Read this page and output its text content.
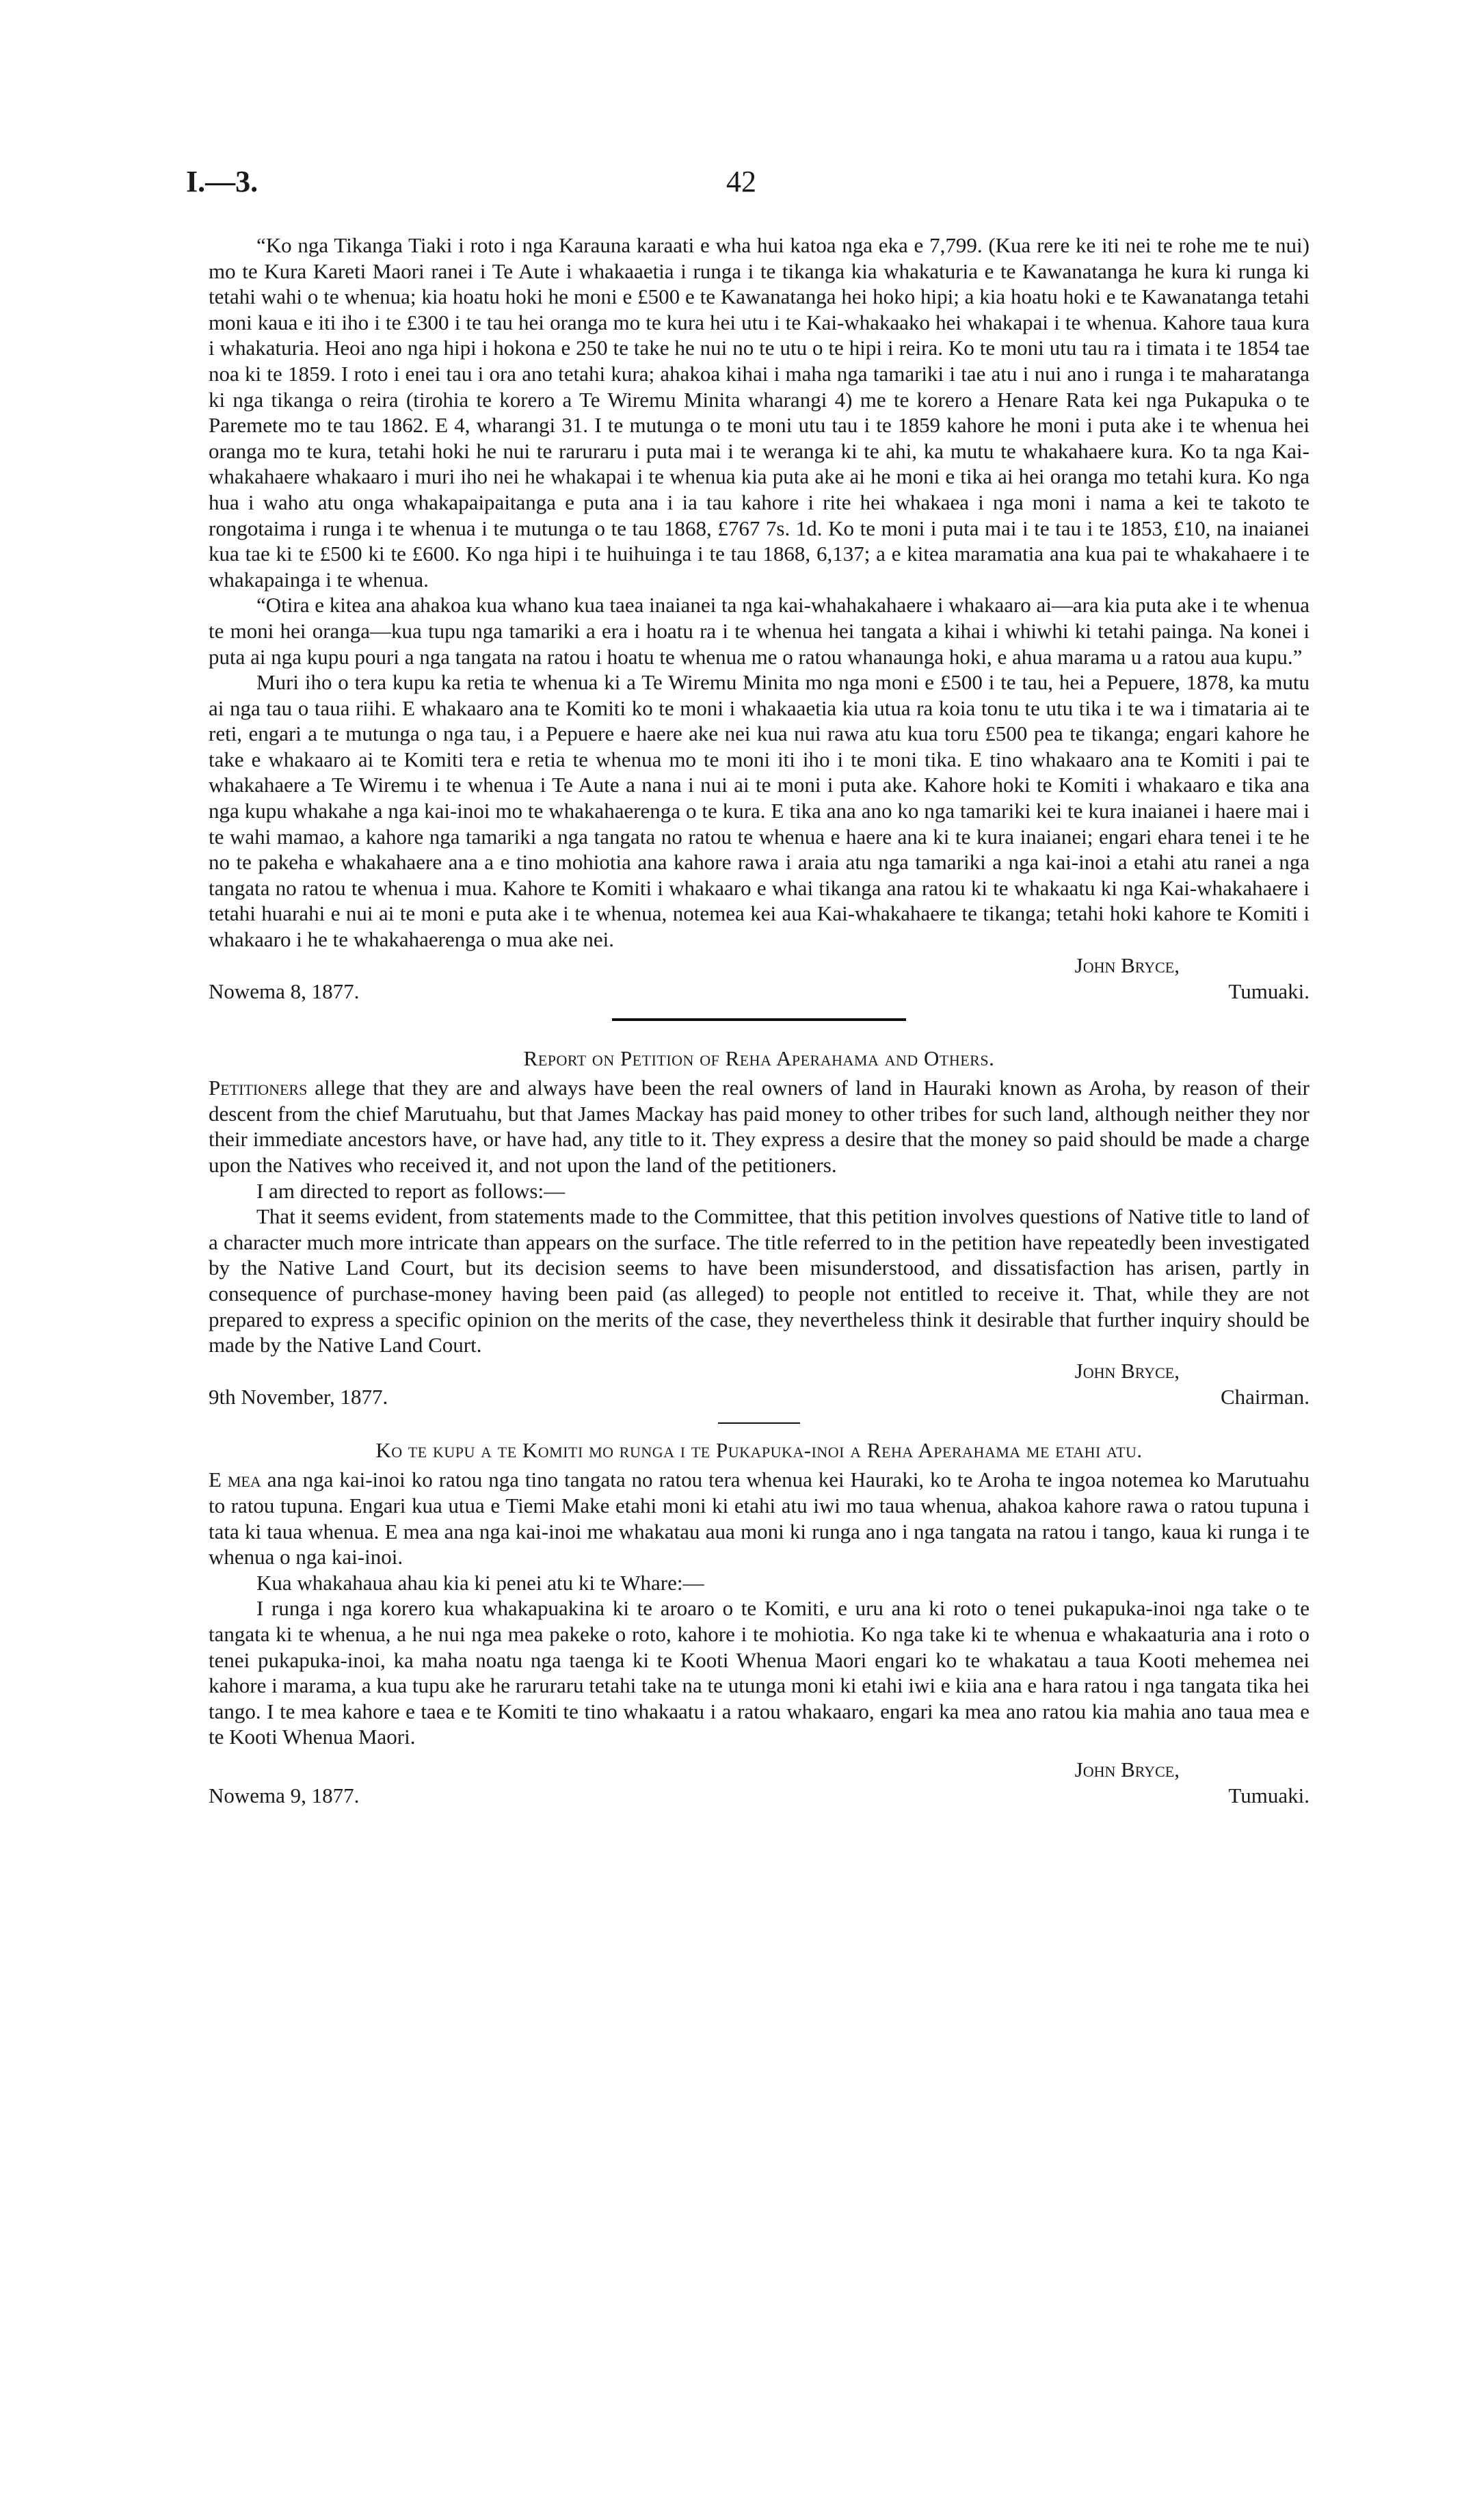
I.—3.	42

“Ko nga Tikanga Tiaki i roto i nga Karauna karaati e wha hui katoa nga eka e 7,799. (Kua rere ke iti nei te rohe me te nui) mo te Kura Kareti Maori ranei i Te Aute i whakaaetia i runga i te tikanga kia whakaturia e te Kawanatanga he kura ki runga ki tetahi wahi o te whenua; kia hoatu hoki he moni e £500 e te Kawanatanga hei hoko hipi; a kia hoatu hoki e te Kawanatanga tetahi moni kaua e iti iho i te £300 i te tau hei oranga mo te kura hei utu i te Kai-whakaako hei whakapai i te whenua. Kahore taua kura i whakaturia. Heoi ano nga hipi i hokona e 250 te take he nui no te utu o te hipi i reira. Ko te moni utu tau ra i timata i te 1854 tae noa ki te 1859. I roto i enei tau i ora ano tetahi kura; ahakoa kihai i maha nga tamariki i tae atu i nui ano i runga i te maharatanga ki nga tikanga o reira (tirohia te korero a Te Wiremu Minita wharangi 4) me te korero a Henare Rata kei nga Pukapuka o te Paremete mo te tau 1862. E 4, wharangi 31. I te mutunga o te moni utu tau i te 1859 kahore he moni i puta ake i te whenua hei oranga mo te kura, tetahi hoki he nui te raruraru i puta mai i te weranga ki te ahi, ka mutu te whakahaere kura. Ko ta nga Kai-whakahaere whakaaro i muri iho nei he whakapai i te whenua kia puta ake ai he moni e tika ai hei oranga mo tetahi kura. Ko nga hua i waho atu onga whakapaipaitanga e puta ana i ia tau kahore i rite hei whakaea i nga moni i nama a kei te takoto te rongotaima i runga i te whenua i te mutunga o te tau 1868, £767 7s. 1d. Ko te moni i puta mai i te tau i te 1853, £10, na inaianei kua tae ki te £500 ki te £600. Ko nga hipi i te huihuinga i te tau 1868, 6,137; a e kitea maramatia ana kua pai te whakahaere i te whakapainga i te whenua.

“Otira e kitea ana ahakoa kua whano kua taea inaianei ta nga kai-whahakahaere i whakaaro ai—ara kia puta ake i te whenua te moni hei oranga—kua tupu nga tamariki a era i hoatu ra i te whenua hei tangata a kihai i whiwhi ki tetahi painga. Na konei i puta ai nga kupu pouri a nga tangata na ratou i hoatu te whenua me o ratou whanaunga hoki, e ahua marama u a ratou aua kupu.”

Muri iho o tera kupu ka retia te whenua ki a Te Wiremu Minita mo nga moni e £500 i te tau, hei a Pepuere, 1878, ka mutu ai nga tau o taua riihi. E whakaaro ana te Komiti ko te moni i whakaaetia kia utua ra koia tonu te utu tika i te wa i timataria ai te reti, engari a te mutunga o nga tau, i a Pepuere e haere ake nei kua nui rawa atu kua toru £500 pea te tikanga; engari kahore he take e whakaaro ai te Komiti tera e retia te whenua mo te moni iti iho i te moni tika. E tino whakaaro ana te Komiti i pai te whakahaere a Te Wiremu i te whenua i Te Aute a nana i nui ai te moni i puta ake. Kahore hoki te Komiti i whakaaro e tika ana nga kupu whakahe a nga kai-inoi mo te whakahaerenga o te kura. E tika ana ano ko nga tamariki kei te kura inaianei i haere mai i te wahi mamao, a kahore nga tamariki a nga tangata no ratou te whenua e haere ana ki te kura inaianei; engari ehara tenei i te he no te pakeha e whakahaere ana a e tino mohiotia ana kahore rawa i araia atu nga tamariki a nga kai-inoi a etahi atu ranei a nga tangata no ratou te whenua i mua. Kahore te Komiti i whakaaro e whai tikanga ana ratou ki te whakaatu ki nga Kai-whakahaere i tetahi huarahi e nui ai te moni e puta ake i te whenua, notemea kei aua Kai-whakahaere te tikanga; tetahi hoki kahore te Komiti i whakaaro i he te whakahaerenga o mua ake nei.

John Bryce,
Nowema 8, 1877.	Tumuaki.
Report on Petition of Reha Aperahama and Others.

Petitioners allege that they are and always have been the real owners of land in Hauraki known as Aroha, by reason of their descent from the chief Marutuahu, but that James Mackay has paid money to other tribes for such land, although neither they nor their immediate ancestors have, or have had, any title to it. They express a desire that the money so paid should be made a charge upon the Natives who received it, and not upon the land of the petitioners.

I am directed to report as follows:—

That it seems evident, from statements made to the Committee, that this petition involves questions of Native title to land of a character much more intricate than appears on the surface. The title referred to in the petition have repeatedly been investigated by the Native Land Court, but its decision seems to have been misunderstood, and dissatisfaction has arisen, partly in consequence of purchase-money having been paid (as alleged) to people not entitled to receive it. That, while they are not prepared to express a specific opinion on the merits of the case, they nevertheless think it desirable that further inquiry should be made by the Native Land Court.

John Bryce,
9th November, 1877.	Chairman.
Ko te kupu a te Komiti mo runga i te Pukapuka-inoi a Reha Aperahama me etahi atu.

E mea ana nga kai-inoi ko ratou nga tino tangata no ratou tera whenua kei Hauraki, ko te Aroha te ingoa notemea ko Marutuahu to ratou tupuna. Engari kua utua e Tiemi Make etahi moni ki etahi atu iwi mo taua whenua, ahakoa kahore rawa o ratou tupuna i tata ki taua whenua. E mea ana nga kai-inoi me whakatau aua moni ki runga ano i nga tangata na ratou i tango, kaua ki runga i te whenua o nga kai-inoi.

Kua whakahaua ahau kia ki penei atu ki te Whare:—

I runga i nga korero kua whakapuakina ki te aroaro o te Komiti, e uru ana ki roto o tenei pukapuka-inoi nga take o te tangata ki te whenua, a he nui nga mea pakeke o roto, kahore i te mohiotia. Ko nga take ki te whenua e whakaaturia ana i roto o tenei pukapuka-inoi, ka maha noatu nga taenga ki te Kooti Whenua Maori engari ko te whakatau a taua Kooti mehemea nei kahore i marama, a kua tupu ake he raruraru tetahi take na te utunga moni ki etahi iwi e kiia ana e hara ratou i nga tangata tika hei tango. I te mea kahore e taea e te Komiti te tino whakaatu i a ratou whakaaro, engari ka mea ano ratou kia mahia ano taua mea e te Kooti Whenua Maori.

John Bryce,
Nowema 9, 1877.	Tumuaki.
